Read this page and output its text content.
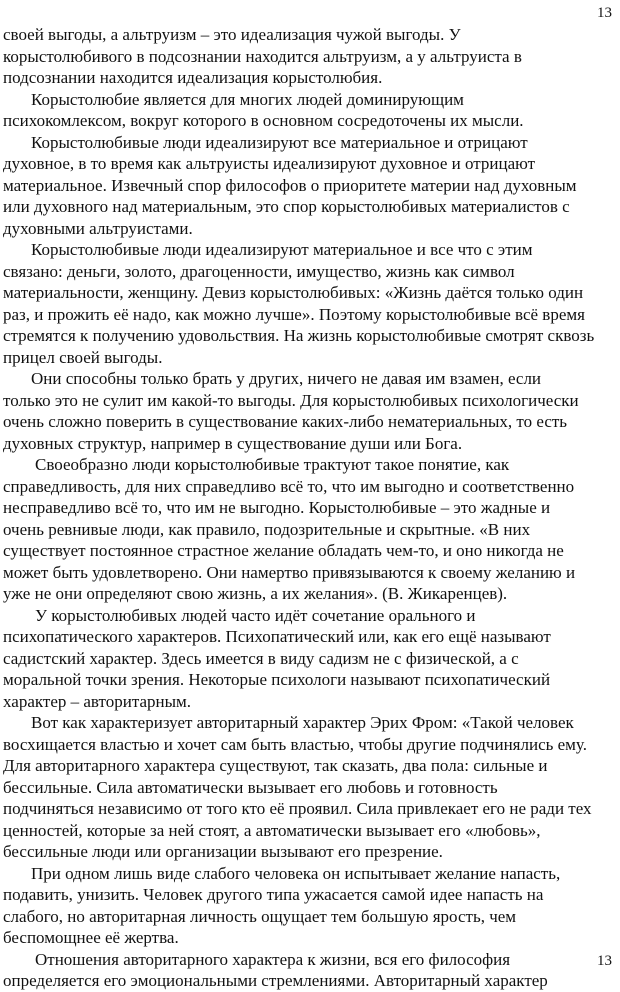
13
своей выгоды, а альтруизм – это идеализация чужой выгоды. У
корыстолюбивого в подсознании находится альтруизм, а у альтруиста в
подсознании находится идеализация корыстолюбия.
Корыстолюбие является для многих людей доминирующим
психокомлексом, вокруг которого в основном сосредоточены их мысли.
Корыстолюбивые люди идеализируют все материальное и отрицают
духовное, в то время как альтруисты идеализируют духовное и отрицают
материальное. Извечный спор философов о приоритете материи над духовным
или духовного над материальным, это спор корыстолюбивых материалистов с
духовными альтруистами.
Корыстолюбивые люди идеализируют материальное и все что с этим
связано: деньги, золото, драгоценности, имущество, жизнь как символ
материальности, женщину. Девиз корыстолюбивых: «Жизнь даётся только один
раз, и прожить её надо, как можно лучше». Поэтому корыстолюбивые всё время
стремятся к получению удовольствия. На жизнь корыстолюбивые смотрят сквозь
прицел своей выгоды.
Они способны только брать у других, ничего не давая им взамен, если
только это не сулит им какой-то выгоды. Для корыстолюбивых психологически
очень сложно поверить в существование каких-либо нематериальных, то есть
духовных структур, например в существование души или Бога.
Своеобразно люди корыстолюбивые трактуют такое понятие, как
справедливость, для них справедливо всё то, что им выгодно и соответственно
несправедливо всё то, что им не выгодно. Корыстолюбивые – это жадные и
очень ревнивые люди, как правило, подозрительные и скрытные. «В них
существует постоянное страстное желание обладать чем-то, и оно никогда не
может быть удовлетворено. Они намертво привязываются к своему желанию и
уже не они определяют свою жизнь, а их желания». (В. Жикаренцев).
У корыстолюбивых людей часто идёт сочетание орального и
психопатического характеров. Психопатический или, как его ещё называют
садистский характер. Здесь имеется в виду садизм не с физической, а с
моральной точки зрения. Некоторые психологи называют психопатический
характер – авторитарным.
Вот как характеризует авторитарный характер Эрих Фром: «Такой человек
восхищается властью и хочет сам быть властью, чтобы другие подчинялись ему.
Для авторитарного характера существуют, так сказать, два пола: сильные и
бессильные. Сила автоматически вызывает его любовь и готовность
подчиняться независимо от того кто её проявил. Сила привлекает его не ради тех
ценностей, которые за ней стоят, а автоматически вызывает его «любовь»,
бессильные люди или организации вызывают его презрение.
При одном лишь виде слабого человека он испытывает желание напасть,
подавить, унизить. Человек другого типа ужасается самой идее напасть на
слабого, но авторитарная личность ощущает тем большую ярость, чем
беспомощнее её жертва.
Отношения авторитарного характера к жизни, вся его философия
определяется его эмоциональными стремлениями. Авторитарный характер
13
